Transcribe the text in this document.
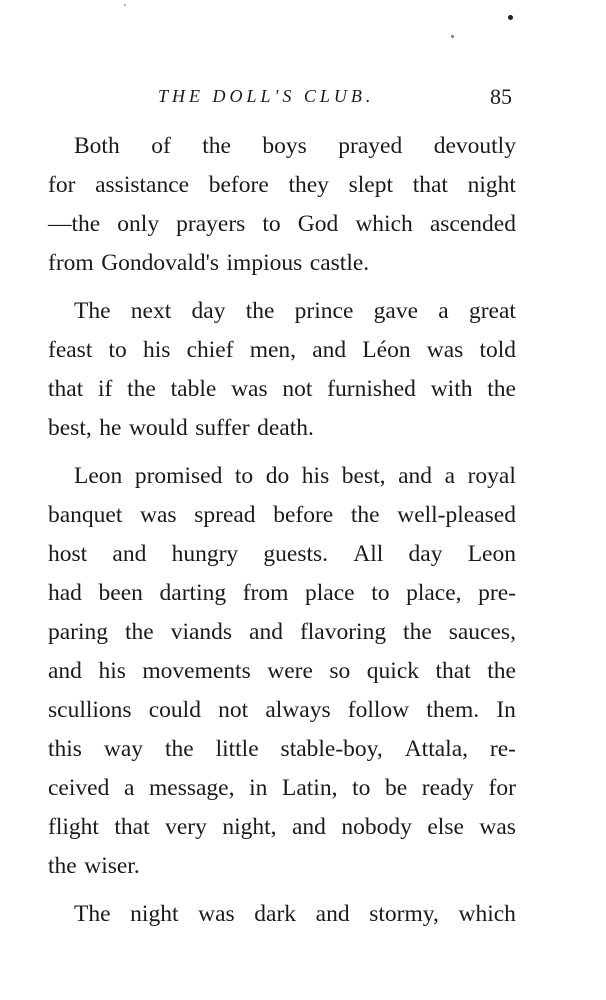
THE DOLL'S CLUB.	85
Both of the boys prayed devoutly
for assistance before they slept that night
—the only prayers to God which ascended
from Gondovald's impious castle.
The next day the prince gave a great
feast to his chief men, and Léon was told
that if the table was not furnished with the
best, he would suffer death.
Leon promised to do his best, and a royal
banquet was spread before the well-pleased
host and hungry guests. All day Leon
had been darting from place to place, pre-
paring the viands and flavoring the sauces,
and his movements were so quick that the
scullions could not always follow them. In
this way the little stable-boy, Attala, re-
ceived a message, in Latin, to be ready for
flight that very night, and nobody else was
the wiser.
The night was dark and stormy, which
